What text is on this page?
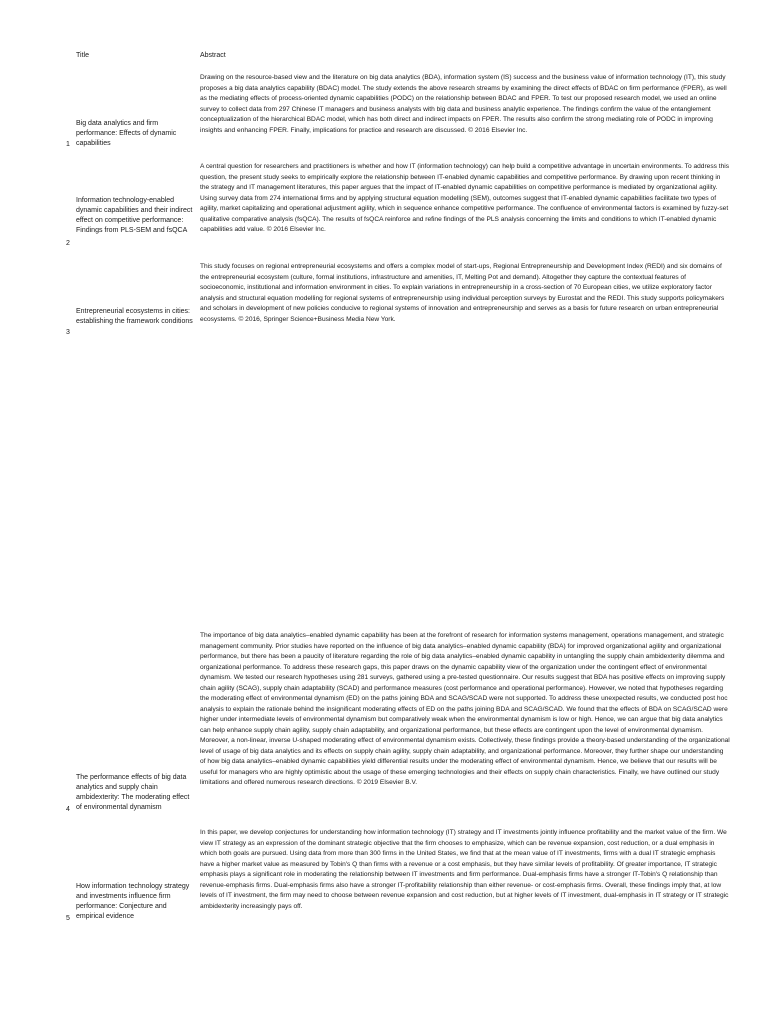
Title	Abstract
Drawing on the resource-based view and the literature on big data analytics (BDA), information system (IS) success and the business value of information technology (IT), this study proposes a big data analytics capability (BDAC) model. The study extends the above research streams by examining the direct effects of BDAC on firm performance (FPER), as well as the mediating effects of process-oriented dynamic capabilities (PODC) on the relationship between BDAC and FPER. To test our proposed research model, we used an online survey to collect data from 297 Chinese IT managers and business analysts with big data and business analytic experience. The findings confirm the value of the entanglement conceptualization of the hierarchical BDAC model, which has both direct and indirect impacts on FPER. The results also confirm the strong mediating role of PODC in improving insights and enhancing FPER. Finally, implications for practice and research are discussed. © 2016 Elsevier Inc.
Big data analytics and firm performance: Effects of dynamic capabilities
1
A central question for researchers and practitioners is whether and how IT (information technology) can help build a competitive advantage in uncertain environments. To address this question, the present study seeks to empirically explore the relationship between IT-enabled dynamic capabilities and competitive performance. By drawing upon recent thinking in the strategy and IT management literatures, this paper argues that the impact of IT-enabled dynamic capabilities on competitive performance is mediated by organizational agility. Using survey data from 274 international firms and by applying structural equation modelling (SEM), outcomes suggest that IT-enabled dynamic capabilities facilitate two types of agility, market capitalizing and operational adjustment agility, which in sequence enhance competitive performance. The confluence of environmental factors is examined by fuzzy-set qualitative comparative analysis (fsQCA). The results of fsQCA reinforce and refine findings of the PLS analysis concerning the limits and conditions to which IT-enabled dynamic capabilities add value. © 2016 Elsevier Inc.
Information technology-enabled dynamic capabilities and their indirect effect on competitive performance: Findings from PLS-SEM and fsQCA
2
This study focuses on regional entrepreneurial ecosystems and offers a complex model of start-ups, Regional Entrepreneurship and Development Index (REDI) and six domains of the entrepreneurial ecosystem (culture, formal institutions, infrastructure and amenities, IT, Melting Pot and demand). Altogether they capture the contextual features of socioeconomic, institutional and information environment in cities. To explain variations in entrepreneurship in a cross-section of 70 European cities, we utilize exploratory factor analysis and structural equation modelling for regional systems of entrepreneurship using individual perception surveys by Eurostat and the REDI. This study supports policymakers and scholars in development of new policies conducive to regional systems of innovation and entrepreneurship and serves as a basis for future research on urban entrepreneurial ecosystems. © 2016, Springer Science+Business Media New York.
Entrepreneurial ecosystems in cities: establishing the framework conditions
3
The importance of big data analytics–enabled dynamic capability has been at the forefront of research for information systems management, operations management, and strategic management community. Prior studies have reported on the influence of big data analytics–enabled dynamic capability (BDA) for improved organizational agility and organizational performance, but there has been a paucity of literature regarding the role of big data analytics–enabled dynamic capability in untangling the supply chain ambidexterity dilemma and organizational performance. To address these research gaps, this paper draws on the dynamic capability view of the organization under the contingent effect of environmental dynamism. We tested our research hypotheses using 281 surveys, gathered using a pre-tested questionnaire. Our results suggest that BDA has positive effects on improving supply chain agility (SCAG), supply chain adaptability (SCAD) and performance measures (cost performance and operational performance). However, we noted that hypotheses regarding the moderating effect of environmental dynamism (ED) on the paths joining BDA and SCAG/SCAD were not supported. To address these unexpected results, we conducted post hoc analysis to explain the rationale behind the insignificant moderating effects of ED on the paths joining BDA and SCAG/SCAD. We found that the effects of BDA on SCAG/SCAD were higher under intermediate levels of environmental dynamism but comparatively weak when the environmental dynamism is low or high. Hence, we can argue that big data analytics can help enhance supply chain agility, supply chain adaptability, and organizational performance, but these effects are contingent upon the level of environmental dynamism. Moreover, a non-linear, inverse U-shaped moderating effect of environmental dynamism exists. Collectively, these findings provide a theory-based understanding of the organizational level of usage of big data analytics and its effects on supply chain agility, supply chain adaptability, and organizational performance. Moreover, they further shape our understanding of how big data analytics–enabled dynamic capabilities yield differential results under the moderating effect of environmental dynamism. Hence, we believe that our results will be useful for managers who are highly optimistic about the usage of these emerging technologies and their effects on supply chain characteristics. Finally, we have outlined our study limitations and offered numerous research directions. © 2019 Elsevier B.V.
The performance effects of big data analytics and supply chain ambidexterity: The moderating effect of environmental dynamism
4
In this paper, we develop conjectures for understanding how information technology (IT) strategy and IT investments jointly influence profitability and the market value of the firm. We view IT strategy as an expression of the dominant strategic objective that the firm chooses to emphasize, which can be revenue expansion, cost reduction, or a dual emphasis in which both goals are pursued. Using data from more than 300 firms in the United States, we find that at the mean value of IT investments, firms with a dual IT strategic emphasis have a higher market value as measured by Tobin's Q than firms with a revenue or a cost emphasis, but they have similar levels of profitability. Of greater importance, IT strategic emphasis plays a significant role in moderating the relationship between IT investments and firm performance. Dual-emphasis firms have a stronger IT-Tobin's Q relationship than revenue-emphasis firms. Dual-emphasis firms also have a stronger IT-profitability relationship than either revenue- or cost-emphasis firms. Overall, these findings imply that, at low levels of IT investment, the firm may need to choose between revenue expansion and cost reduction, but at higher levels of IT investment, dual-emphasis in IT strategy or IT strategic ambidexterity increasingly pays off.
How information technology strategy and investments influence firm performance: Conjecture and empirical evidence
5
